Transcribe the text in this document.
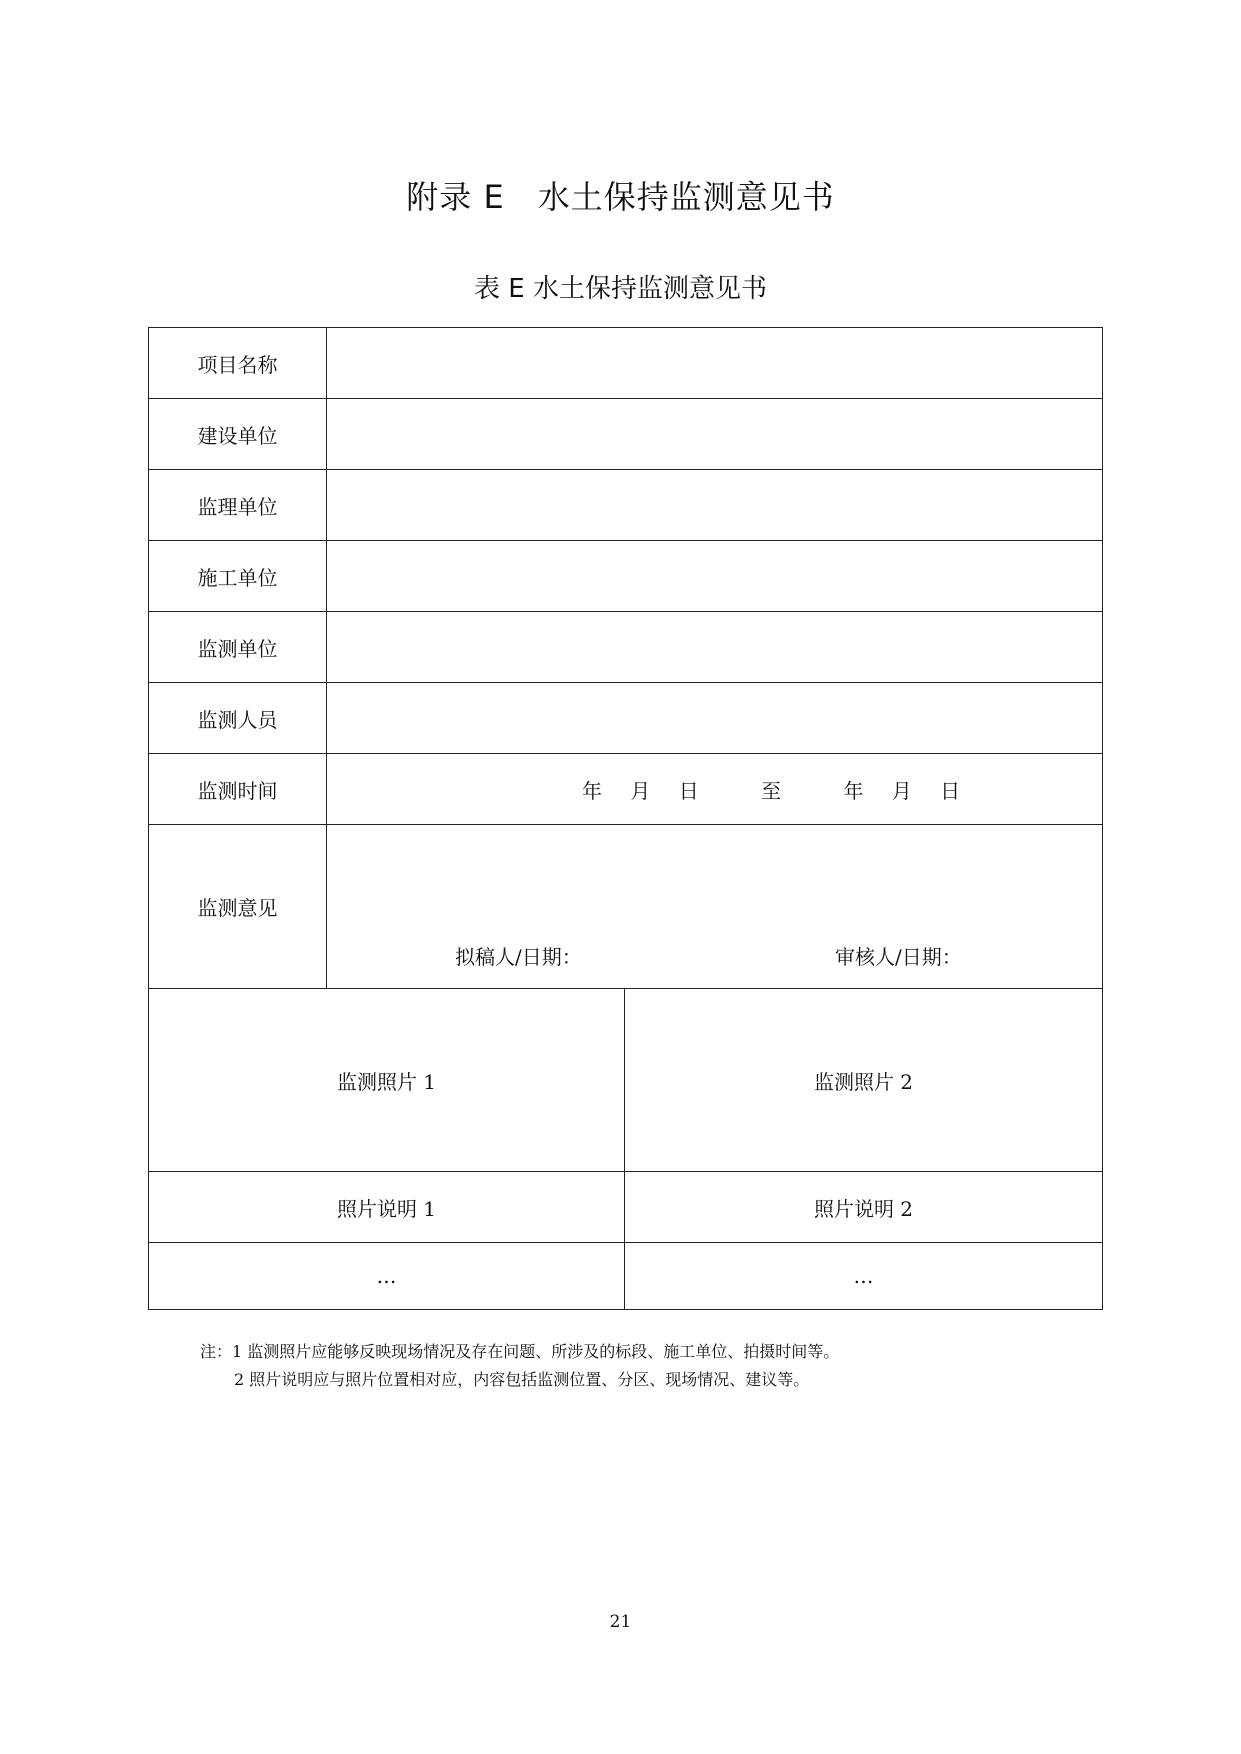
附录 E　水土保持监测意见书
表 E 水土保持监测意见书
项目名称		
建设单位		
监理单位		
施工单位		
监测单位		
监测人员		
监测时间	年 月 日 至 年 月 日	
监测意见	拟稿人/日期： 审核人/日期：	

监测照片 1		监测照片 2
照片说明 1		照片说明 2
…		…
注：1 监测照片应能够反映现场情况及存在问题、所涉及的标段、施工单位、拍摄时间等。
2 照片说明应与照片位置相对应，内容包括监测位置、分区、现场情况、建议等。
21
